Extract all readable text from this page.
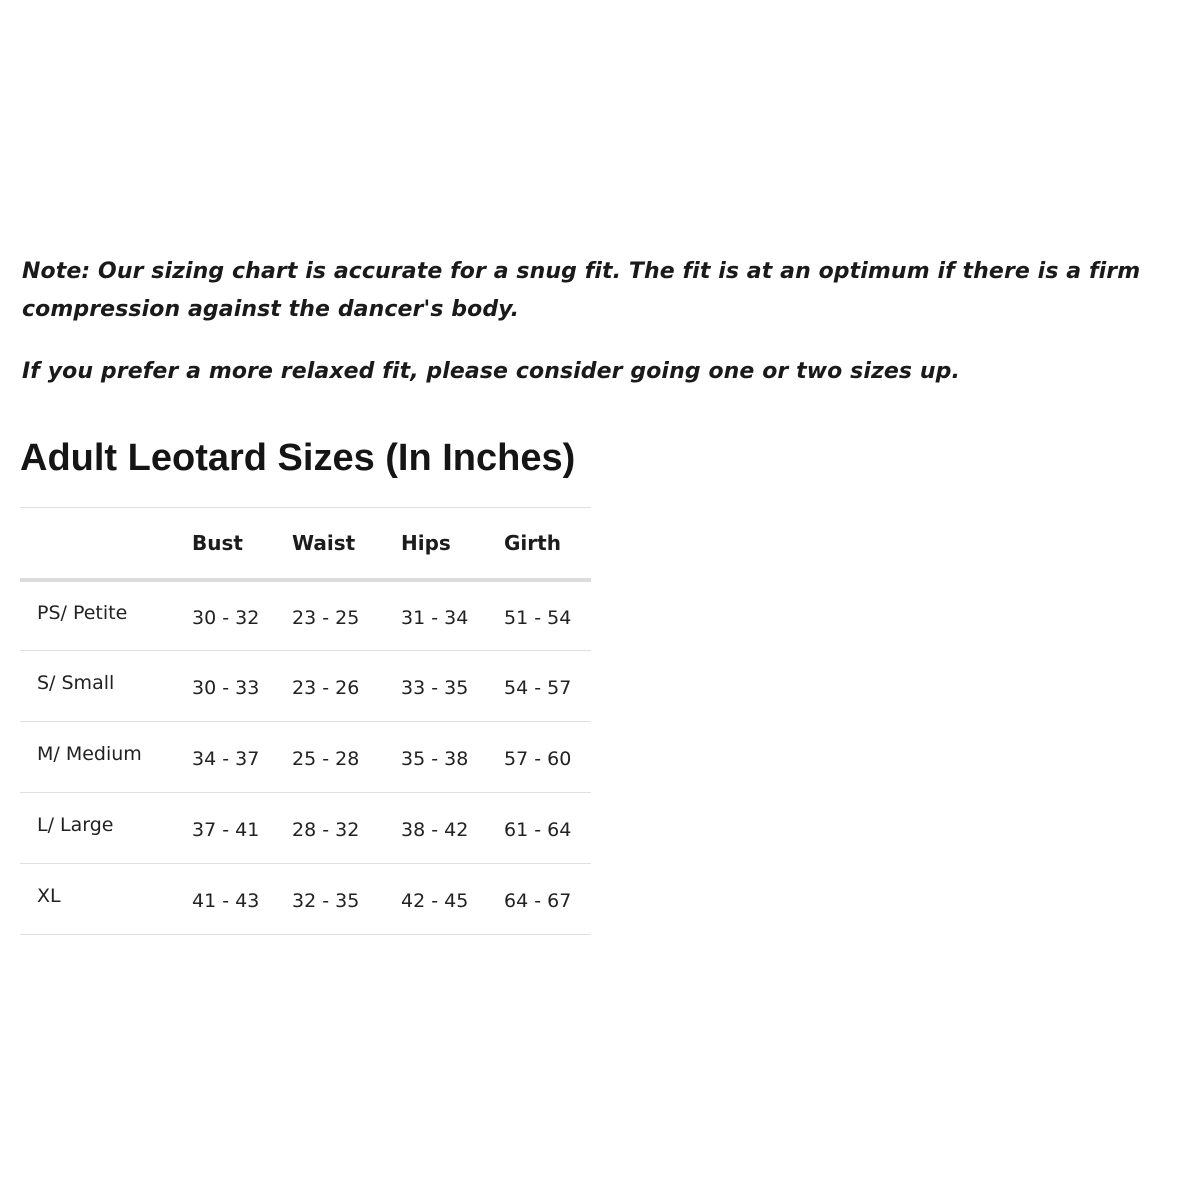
Note: Our sizing chart is accurate for a snug fit. The fit is at an optimum if there is a firm compression against the dancer's body.

If you prefer a more relaxed fit, please consider going one or two sizes up.

Adult Leotard Sizes (In Inches)
	Bust	Waist	Hips	Girth
PS/ Petite	30 - 32	23 - 25	31 - 34	51 - 54
S/ Small	30 - 33	23 - 26	33 - 35	54 - 57
M/ Medium	34 - 37	25 - 28	35 - 38	57 - 60
L/ Large	37 - 41	28 - 32	38 - 42	61 - 64
XL	41 - 43	32 - 35	42 - 45	64 - 67
